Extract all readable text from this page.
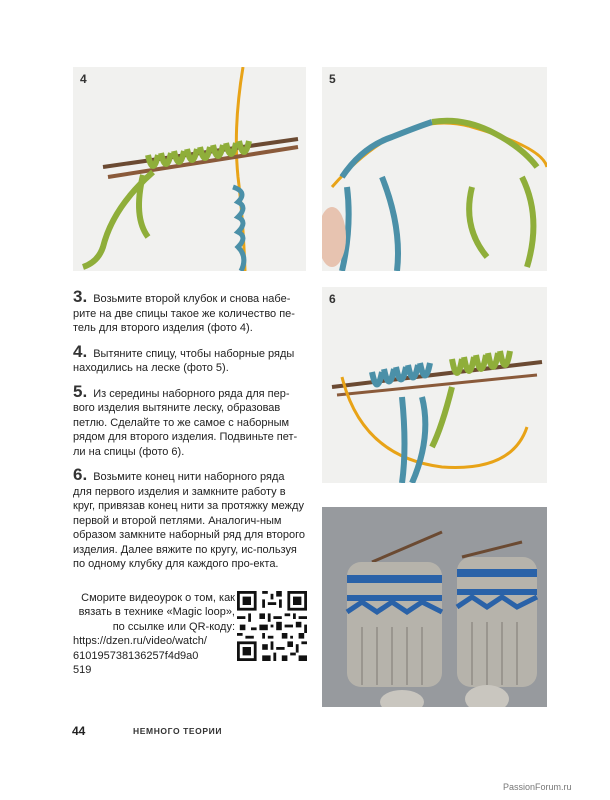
4	5
6
3. Возьмите второй клубок и снова набе-рите на две спицы такое же количество пе-тель для второго изделия (фото 4).
4. Вытяните спицу, чтобы наборные ряды находились на леске (фото 5).
5. Из середины наборного ряда для пер-вого изделия вытяните леску, образовав петлю. Сделайте то же самое с наборным рядом для второго изделия. Подвиньте пет-ли на спицы (фото 6).
6. Возьмите конец нити наборного ряда для первого изделия и замкните работу в круг, привязав конец нити за протяжку между первой и второй петлями. Аналогич-ным образом замкните наборный ряд для второго изделия. Далее вяжите по кругу, ис-пользуя по одному клубку для каждого про-екта.
Сморите видеоурок о том, как
вязать в технике «Magic loop»,
по ссылке или QR-коду:
https://dzen.ru/video/watch/
610195738136257f4d9a0
519
44	НЕМНОГО ТЕОРИИ
PassionForum.ru
